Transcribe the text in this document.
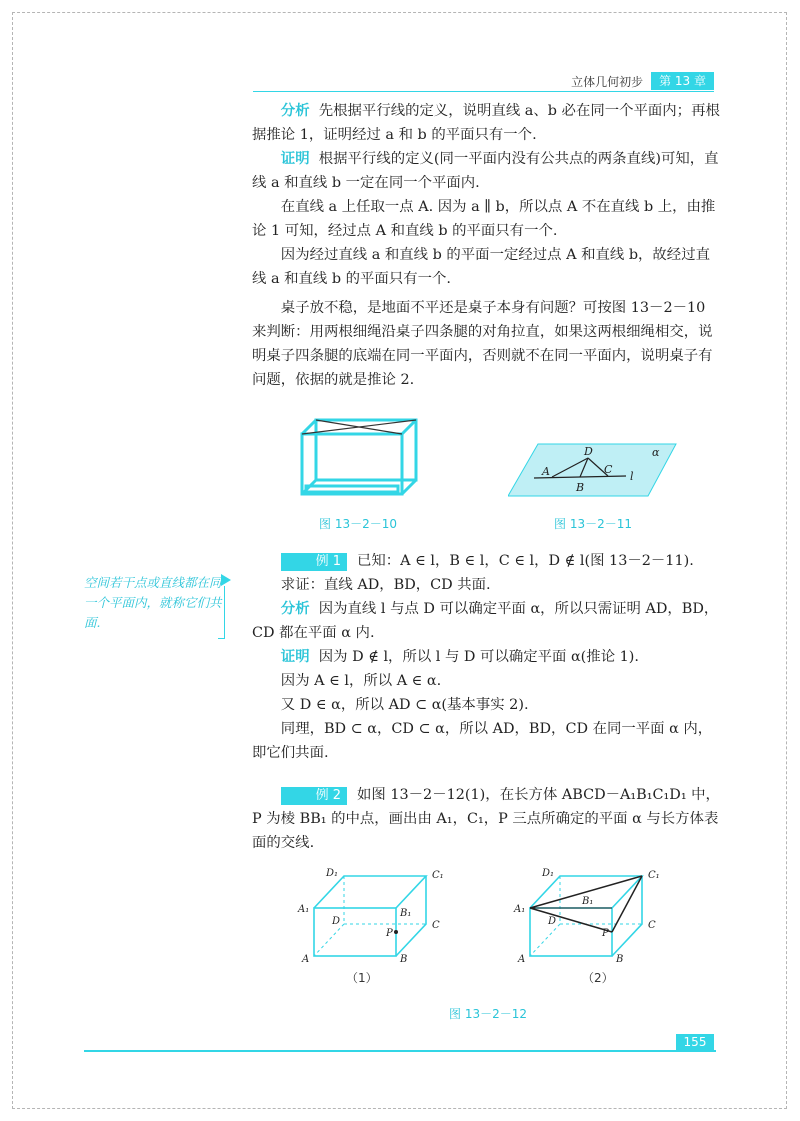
立体几何初步	第 13 章

分析 先根据平行线的定义，说明直线 a、b 必在同一个平面内；再根据推论 1，证明经过 a 和 b 的平面只有一个.

证明 根据平行线的定义(同一平面内没有公共点的两条直线)可知，直线 a 和直线 b 一定在同一个平面内.

在直线 a 上任取一点 A. 因为 a ∥ b，所以点 A 不在直线 b 上，由推论 1 可知，经过点 A 和直线 b 的平面只有一个.

因为经过直线 a 和直线 b 的平面一定经过点 A 和直线 b，故经过直线 a 和直线 b 的平面只有一个.

桌子放不稳，是地面不平还是桌子本身有问题？可按图 13－2－10 来判断：用两根细绳沿桌子四条腿的对角拉直，如果这两根细绳相交，说明桌子四条腿的底端在同一平面内，否则就不在同一平面内，说明桌子有问题，依据的就是推论 2.

图 13－2－10
D
A
B
C
l
α
图 13－2－11

例 1 已知：A ∈ l，B ∈ l，C ∈ l，D ∉ l(图 13－2－11).

求证：直线 AD，BD，CD 共面.

分析 因为直线 l 与点 D 可以确定平面 α，所以只需证明 AD，BD，CD 都在平面 α 内.

证明 因为 D ∉ l，所以 l 与 D 可以确定平面 α(推论 1).

因为 A ∈ l，所以 A ∈ α.

又 D ∈ α，所以 AD ⊂ α(基本事实 2).

同理，BD ⊂ α，CD ⊂ α，所以 AD，BD，CD 在同一平面 α 内，即它们共面.

空间若干点或直线都在同一个平面内，就称它们共面.

例 2 如图 13－2－12(1)，在长方体 ABCD－A₁B₁C₁D₁ 中，P 为棱 BB₁ 的中点，画出由 A₁，C₁，P 三点所确定的平面 α 与长方体表面的交线.

D₁	C₁
A₁	B₁
D	C
P
A	B
（1）
D₁	C₁
A₁
B₁
D	C
P
A	B
（2）
图 13－2－12
155
